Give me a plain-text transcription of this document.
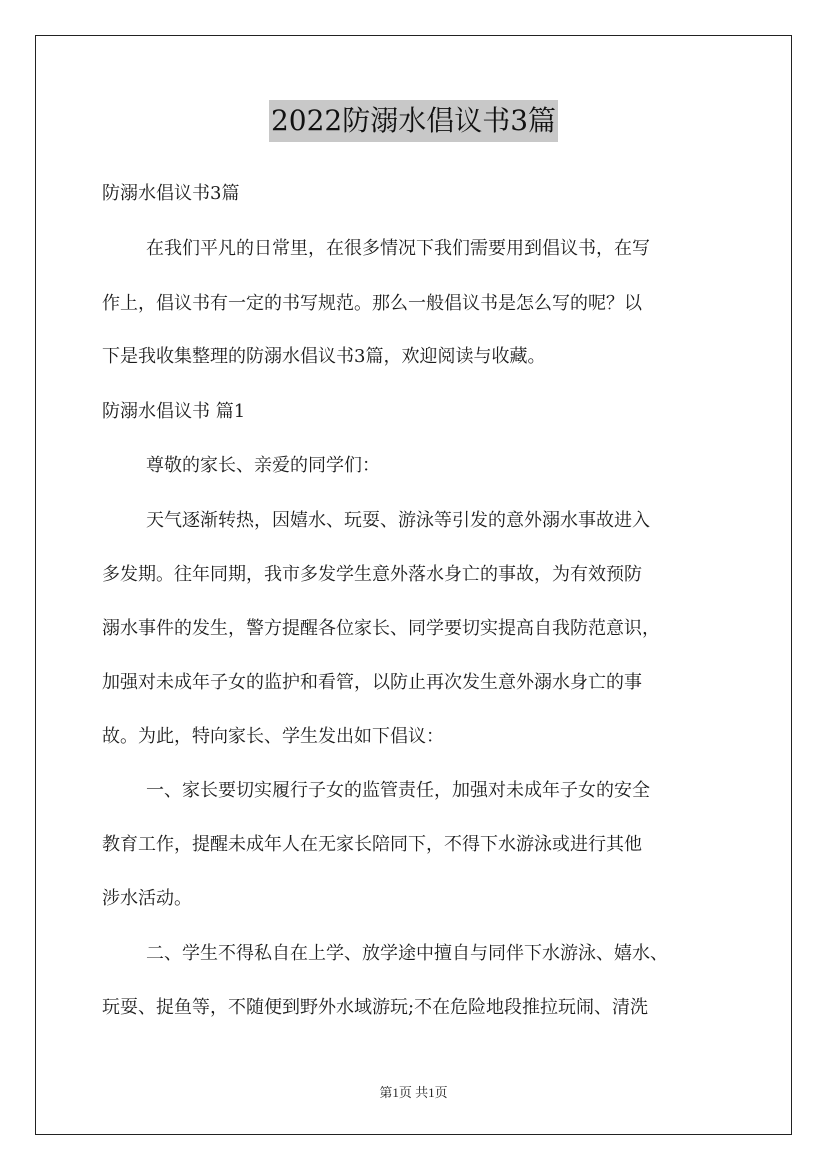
2022防溺水倡议书3篇
防溺水倡议书3篇
在我们平凡的日常里，在很多情况下我们需要用到倡议书，在写
作上，倡议书有一定的书写规范。那么一般倡议书是怎么写的呢？以
下是我收集整理的防溺水倡议书3篇，欢迎阅读与收藏。
防溺水倡议书 篇1
尊敬的家长、亲爱的同学们：
天气逐渐转热，因嬉水、玩耍、游泳等引发的意外溺水事故进入
多发期。往年同期，我市多发学生意外落水身亡的事故，为有效预防
溺水事件的发生，警方提醒各位家长、同学要切实提高自我防范意识，
加强对未成年子女的监护和看管，以防止再次发生意外溺水身亡的事
故。为此，特向家长、学生发出如下倡议：
一、家长要切实履行子女的监管责任，加强对未成年子女的安全
教育工作，提醒未成年人在无家长陪同下，不得下水游泳或进行其他
涉水活动。
二、学生不得私自在上学、放学途中擅自与同伴下水游泳、嬉水、
玩耍、捉鱼等，不随便到野外水域游玩;不在危险地段推拉玩闹、清洗
第1页 共1页
